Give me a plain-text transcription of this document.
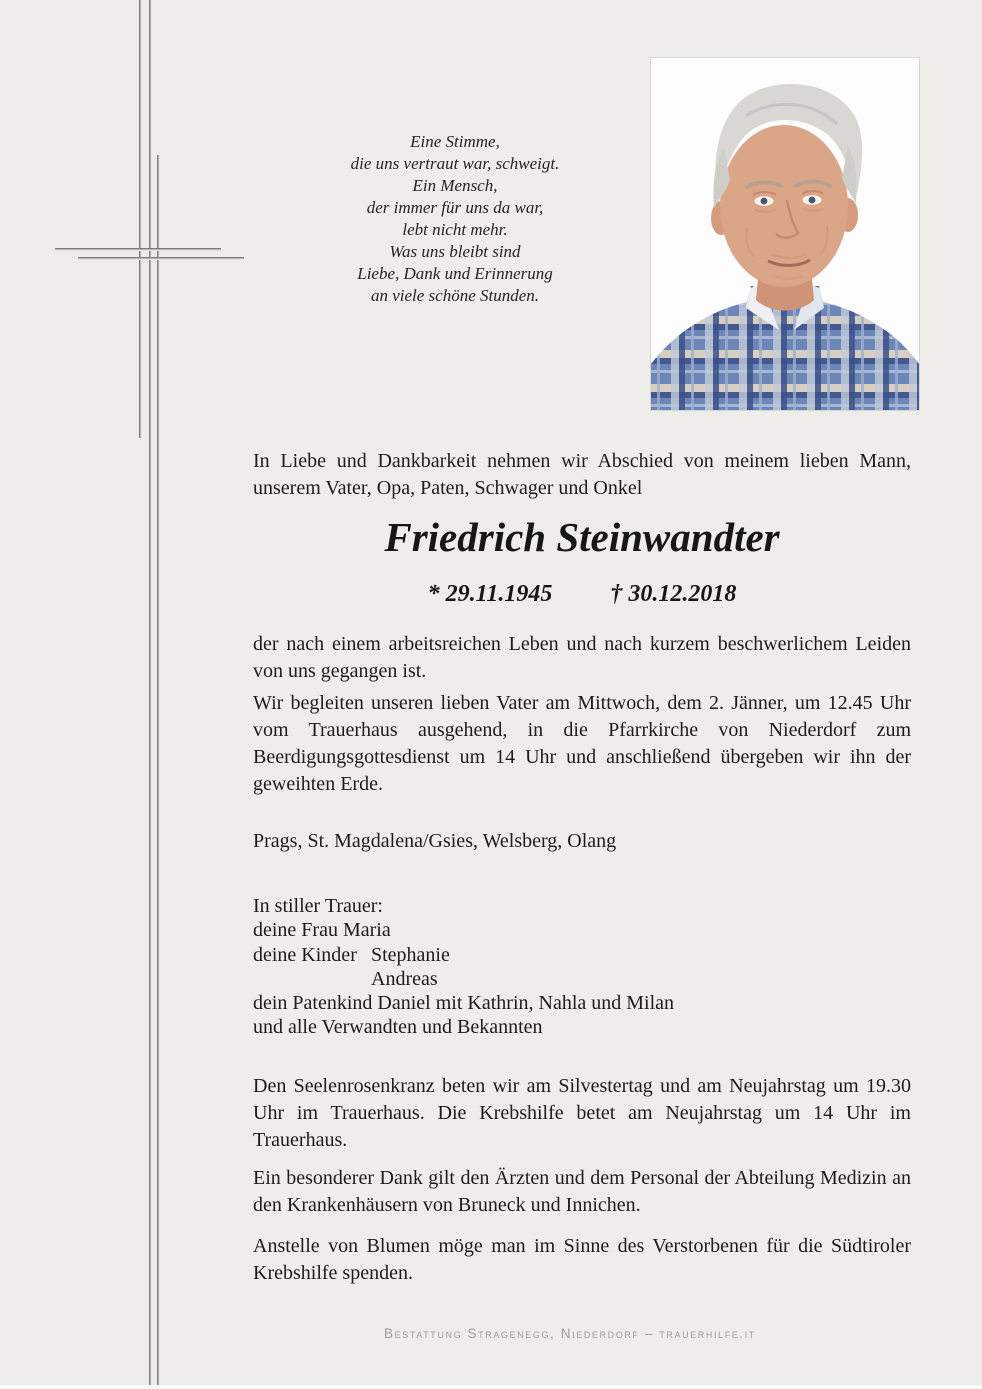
Eine Stimme,
die uns vertraut war, schweigt.
Ein Mensch,
der immer für uns da war,
lebt nicht mehr.
Was uns bleibt sind
Liebe, Dank und Erinnerung
an viele schöne Stunden.

In Liebe und Dankbarkeit nehmen wir Abschied von meinem lieben Mann, unserem Vater, Opa, Paten, Schwager und Onkel

Friedrich Steinwandter
* 29.11.1945 † 30.12.2018

der nach einem arbeitsreichen Leben und nach kurzem beschwerlichem Leiden von uns gegangen ist.

Wir begleiten unseren lieben Vater am Mittwoch, dem 2. Jänner, um 12.45 Uhr vom Trauerhaus ausgehend, in die Pfarrkirche von Niederdorf zum Beerdigungsgottesdienst um 14 Uhr und anschließend übergeben wir ihn der geweihten Erde.

Prags, St. Magdalena/Gsies, Welsberg, Olang

In stiller Trauer:
deine Frau Maria
deine Kinder Stephanie
Andreas
dein Patenkind Daniel mit Kathrin, Nahla und Milan
und alle Verwandten und Bekannten

Den Seelenrosenkranz beten wir am Silvestertag und am Neujahrstag um 19.30 Uhr im Trauerhaus. Die Krebshilfe betet am Neujahrstag um 14 Uhr im Trauerhaus.

Ein besonderer Dank gilt den Ärzten und dem Personal der Abteilung Medizin an den Krankenhäusern von Bruneck und Innichen.

Anstelle von Blumen möge man im Sinne des Verstorbenen für die Südtiroler Krebshilfe spenden.

Bestattung Stragenegg, Niederdorf – trauerhilfe.it
